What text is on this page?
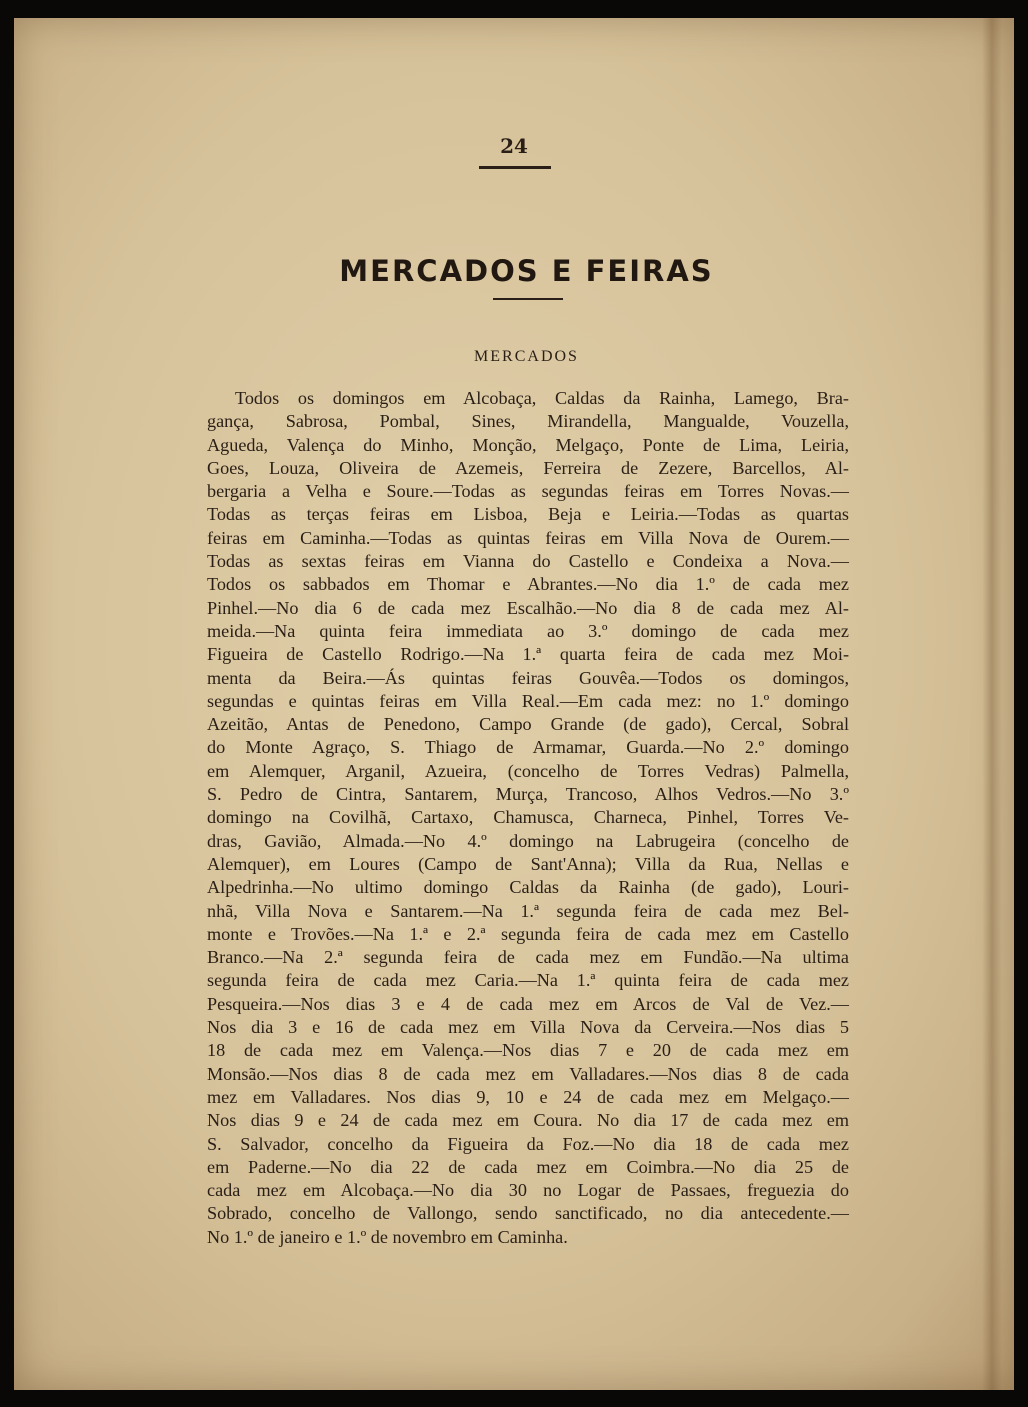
24
MERCADOS E FEIRAS
MERCADOS

Todos os domingos em Alcobaça, Caldas da Rainha, Lamego, Bra-
gança, Sabrosa, Pombal, Sines, Mirandella, Mangualde, Vouzella,
Agueda, Valença do Minho, Monção, Melgaço, Ponte de Lima, Leiria,
Goes, Louza, Oliveira de Azemeis, Ferreira de Zezere, Barcellos, Al-
bergaria a Velha e Soure.—Todas as segundas feiras em Torres Novas.—
Todas as terças feiras em Lisboa, Beja e Leiria.—Todas as quartas
feiras em Caminha.—Todas as quintas feiras em Villa Nova de Ourem.—
Todas as sextas feiras em Vianna do Castello e Condeixa a Nova.—
Todos os sabbados em Thomar e Abrantes.—No dia 1.º de cada mez
Pinhel.—No dia 6 de cada mez Escalhão.—No dia 8 de cada mez Al-
meida.—Na quinta feira immediata ao 3.º domingo de cada mez
Figueira de Castello Rodrigo.—Na 1.ª quarta feira de cada mez Moi-
menta da Beira.—Ás quintas feiras Gouvêa.—Todos os domingos,
segundas e quintas feiras em Villa Real.—Em cada mez: no 1.º domingo
Azeitão, Antas de Penedono, Campo Grande (de gado), Cercal, Sobral
do Monte Agraço, S. Thiago de Armamar, Guarda.—No 2.º domingo
em Alemquer, Arganil, Azueira, (concelho de Torres Vedras) Palmella,
S. Pedro de Cintra, Santarem, Murça, Trancoso, Alhos Vedros.—No 3.º
domingo na Covilhã, Cartaxo, Chamusca, Charneca, Pinhel, Torres Ve-
dras, Gavião, Almada.—No 4.º domingo na Labrugeira (concelho de
Alemquer), em Loures (Campo de Sant'Anna); Villa da Rua, Nellas e
Alpedrinha.—No ultimo domingo Caldas da Rainha (de gado), Louri-
nhã, Villa Nova e Santarem.—Na 1.ª segunda feira de cada mez Bel-
monte e Trovões.—Na 1.ª e 2.ª segunda feira de cada mez em Castello
Branco.—Na 2.ª segunda feira de cada mez em Fundão.—Na ultima
segunda feira de cada mez Caria.—Na 1.ª quinta feira de cada mez
Pesqueira.—Nos dias 3 e 4 de cada mez em Arcos de Val de Vez.—
Nos dia 3 e 16 de cada mez em Villa Nova da Cerveira.—Nos dias 5
18 de cada mez em Valença.—Nos dias 7 e 20 de cada mez em
Monsão.—Nos dias 8 de cada mez em Valladares.—Nos dias 8 de cada
mez em Valladares. Nos dias 9, 10 e 24 de cada mez em Melgaço.—
Nos dias 9 e 24 de cada mez em Coura. No dia 17 de cada mez em
S. Salvador, concelho da Figueira da Foz.—No dia 18 de cada mez
em Paderne.—No dia 22 de cada mez em Coimbra.—No dia 25 de
cada mez em Alcobaça.—No dia 30 no Logar de Passaes, freguezia do
Sobrado, concelho de Vallongo, sendo sanctificado, no dia antecedente.—
No 1.º de janeiro e 1.º de novembro em Caminha.
